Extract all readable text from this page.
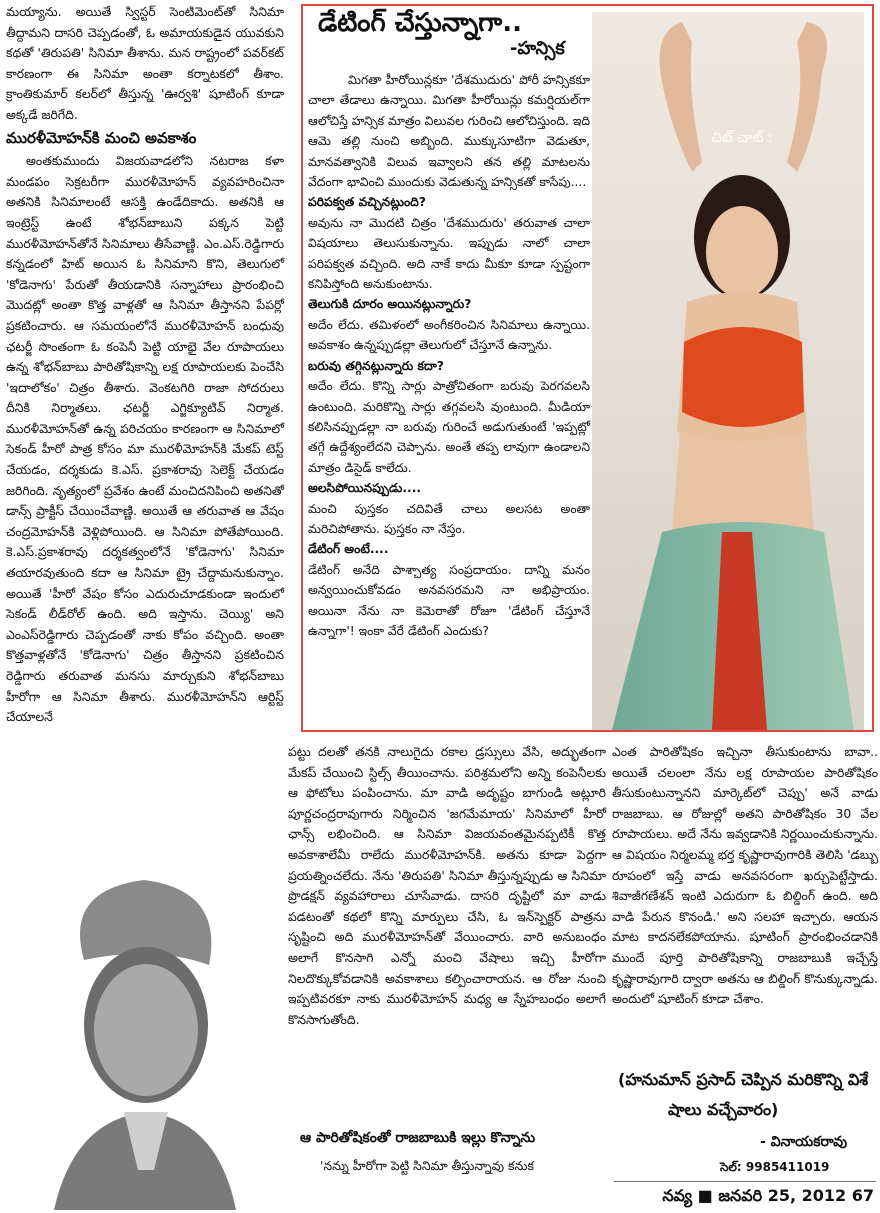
మయ్యాను. అయితే స్విస్టర్ సెంటిమెంట్‌తో సినిమా తీద్దామని దాసరి చెప్పడంతో, ఓ అమాయకుడైన యువకుని కథతో 'తిరుపతి' సినిమా తీశాను. మన రాష్ట్రంలో పవర్‌కట్ కారణంగా ఈ సినిమా అంతా కర్నాటకలో తీశాం. క్రాంతికుమార్ కలర్‌లో తీస్తున్న 'ఊర్వశి' షూటింగ్ కూడా అక్కడే జరిగేది.

మురళీమోహన్‌కి మంచి అవకాశం

అంతకుముందు విజయవాడలోని నటరాజ కళా మండపం సెక్రటరీగా మురళీమోహన్ వ్యవహరించినా అతనికి సినిమాలంటే ఆసక్తి ఉండేదికాదు. అతనికి ఆ ఇంట్రెస్ట్ ఉంటే శోభన్‌బాబుని పక్కన పెట్టి మురళీమోహన్‌తోనే సినిమాలు తీసేవాణ్ణి. ఎం.ఎస్.రెడ్డిగారు కన్నడంలో హిట్ అయిన ఓ సినిమాని కొని, తెలుగులో 'కోడెనాగు' పేరుతో తీయడానికి సన్నాహాలు ప్రారంభించి మొదట్లో అంతా కొత్త వాళ్లతో ఆ సినిమా తీస్తానని పేపర్లో ప్రకటించారు. ఆ సమయంలోనే మురళీమోహన్ బంధువు ఛటర్జీ సొంతంగా ఓ కంపెనీ పెట్టి యాభై వేల రూపాయలు ఉన్న శోభన్‌బాబు పారితోషికాన్ని లక్ష రూపాయలకు పెంచేసి 'ఇదాలోకం' చిత్రం తీశారు. వెంకటగిరి రాజా సోదరులు దీనికి నిర్మాతలు. ఛటర్జీ ఎగ్జిక్యూటివ్ నిర్మాత. మురళీమోహన్‌తో ఉన్న పరిచయం కారణంగా ఆ సినిమాలో సెకండ్ హీరో పాత్ర కోసం మా మురళీమోహన్‌కి మేకప్ టెస్ట్ చేయడం, దర్శకుడు కె.ఎస్. ప్రకాశరావు సెలెక్ట్ చేయడం జరిగింది. నృత్యంలో ప్రవేశం ఉంటే మంచిదనిపించి అతనితో డాన్స్ ప్రాక్టీస్ చేయించేవాణ్ణి. అయితే ఆ తరువాత ఆ వేషం చంద్రమోహన్‌కి వెళ్లిపోయింది. ఆ సినిమా పోతేపోయింది. కె.ఎస్.ప్రకాశరావు దర్శకత్వంలోనే 'కోడెనాగు' సినిమా తయారవుతుంది కదా ఆ సినిమా ట్రై చేద్దామనుకున్నాం. అయితే 'హీరో వేషం కోసం ఎదురుచూడకుండా ఇందులో సెకండ్ లీడ్‌రోల్ ఉంది. అది ఇస్తాను. చెయ్యి' అని ఎంఎస్‌రెడ్డిగారు చెప్పడంతో నాకు కోపం వచ్చింది. అంతా కొత్తవాళ్లతోనే 'కోడెనాగు' చిత్రం తీస్తానని ప్రకటించిన రెడ్డిగారు తరువాత మనసు మార్చుకుని శోభన్‌బాబు హీరోగా ఆ సినిమా తీశారు. మురళీమోహన్‌ని ఆర్టిస్ట్ చేయాలనే

డేటింగ్ చేస్తున్నాగా..
-హన్సిక

మిగతా హీరోయిన్లకూ 'దేశముదురు' పోరీ హన్సికకూ చాలా తేడాలు ఉన్నాయి. మిగతా హీరోయిన్లు కమర్షియల్‌గా ఆలోచిస్తే హన్సిక మాత్రం విలువల గురించి ఆలోచిస్తుంది. ఇది ఆమె తల్లి నుంచి అబ్బింది. ముక్కుసూటిగా వెడుతూ, మానవత్వానికి విలువ ఇవ్వాలని తన తల్లి మాటలను వేదంగా భావించి ముందుకు వెడుతున్న హన్సికతో కాసేపు....

పరిపక్వత వచ్చినట్లుంది?

అవును నా మొదటి చిత్రం 'దేశముదురు' తరువాత చాలా విషయాలు తెలుసుకున్నాను. ఇప్పుడు నాలో చాలా పరిపక్వత వచ్చింది. అది నాకే కాదు మీకూ కూడా స్పష్టంగా కనిపిస్తోంది అనుకుంటాను.

తెలుగుకి దూరం అయినట్లున్నారు?

అదేం లేదు. తమిళంలో అంగీకరించిన సినిమాలు ఉన్నాయి. అవకాశం ఉన్నప్పుడల్లా తెలుగులో చేస్తూనే ఉన్నాను.

బరువు తగ్గినట్లున్నారు కదా?

అదేం లేదు. కొన్ని సార్లు పాత్రోచితంగా బరువు పెరగవలసి ఉంటుంది. మరికొన్ని సార్లు తగ్గవలసి వుంటుంది. మీడియా కలిసినప్పుడల్లా నా బరువు గురించే అడుగుతుంటే 'ఇప్పట్లో తగ్గే ఉద్దేశ్యంలేదని చెప్పాను. అంతే తప్ప లావుగా ఉండాలని మాత్రం డిసైడ్ కాలేదు.

అలసిపోయినప్పుడు....

మంచి పుస్తకం చదివితే చాలు అలసట అంతా మరిచిపోతాను. పుస్తకం నా నేస్తం.

డేటింగ్ అంటే....

డేటింగ్ అనేది పాశ్చాత్య సంప్రదాయం. దాన్ని మనం అన్వయించుకోవడం అనవసరమని నా అభిప్రాయం. అయినా నేను నా కెమెరాతో రోజూ 'డేటింగ్ చేస్తూనే ఉన్నాగా'! ఇంకా వేరే డేటింగ్ ఎందుకు?

చిట్ చాట్ :

పట్టు దలతో తనకి నాలుగైదు రకాల డ్రస్సులు వేసి, అద్భుతంగా మేకప్ చేయించి స్టిల్స్ తీయించాను. పరిశ్రమలోని అన్ని కంపెనీలకు ఆ ఫోటోలు పంపించాను. మా వాడి అదృష్టం బాగుండి అట్లూరి పూర్ణచంద్రరావుగారు నిర్మించిన 'జగమేమాయ' సినిమాలో హీరో ఛాన్స్ లభించింది. ఆ సినిమా విజయవంతమైనప్పటికీ కొత్త అవకాశాలేమీ రాలేదు మురళీమోహన్‌కి. అతను కూడా పెద్దగా ప్రయత్నించలేదు. నేను 'తిరుపతి' సినిమా తీస్తున్నప్పుడు ఆ సినిమా ప్రొడక్షన్ వ్యవహారాలు చూసేవాడు. దాసరి దృష్టిలో మా వాడు పడటంతో కథలో కొన్ని మార్పులు చేసి, ఓ ఇన్‌స్పెక్టర్ పాత్రను సృష్టించి అది మురళీమోహన్‌తో వేయించారు. వారి అనుబంధం అలాగే కొనసాగి ఎన్నో మంచి వేషాలు ఇచ్చి హీరోగా నిలదొక్కుకోవడానికి అవకాశాలు కల్పించారాయన. ఆ రోజు నుంచి ఇప్పటివరకూ నాకు మురళీమోహన్ మధ్య ఆ స్నేహబంధం అలాగే కొనసాగుతోంది.

ఆ పారితోషికంతో రాజబాబుకి ఇల్లు కొన్నాను
'నన్ను హీరోగా పెట్టి సినిమా తీస్తున్నావు కనుక

ఎంత పారితోషికం ఇచ్చినా తీసుకుంటాను బావా.. అయితే చలంలా నేను లక్ష రూపాయల పారితోషికం తీసుకుంటున్నానని మార్కెట్‌లో చెప్పు' అనే వాడు రాజబాబు. ఆ రోజుల్లో అతని పారితోషికం 30 వేల రూపాయలు. అదే నేను ఇవ్వడానికి నిర్ణయించుకున్నాను. ఆ విషయం నిర్మలమ్మ భర్త కృష్ణారావుగారికి తెలిసి 'డబ్బు రూపంలో ఇస్తే వాడు అనవసరంగా ఖర్చుపెట్టేస్తాడు. శివాజీగణేశన్ ఇంటి ఎదురుగా ఓ బిల్డింగ్ ఉంది. అది వాడి పేరున కొనండి.' అని సలహా ఇచ్చారు. ఆయన మాట కాదనలేకపోయాను. షూటింగ్ ప్రారంభించడానికి ముందే పూర్తి పారితోషికాన్ని రాజబాబుకి ఇచ్చేస్తే కృష్ణారావుగారి ద్వారా అతను ఆ బిల్డింగ్ కొనుక్కున్నాడు. అందులో షూటింగ్ కూడా చేశాం.

(హనుమాన్ ప్రసాద్ చెప్పిన మరికొన్ని విశే
షాలు వచ్చేవారం)
- వినాయకరావు
సెల్: 9985411019
నవ్య ■ జనవరి 25, 2012 67
